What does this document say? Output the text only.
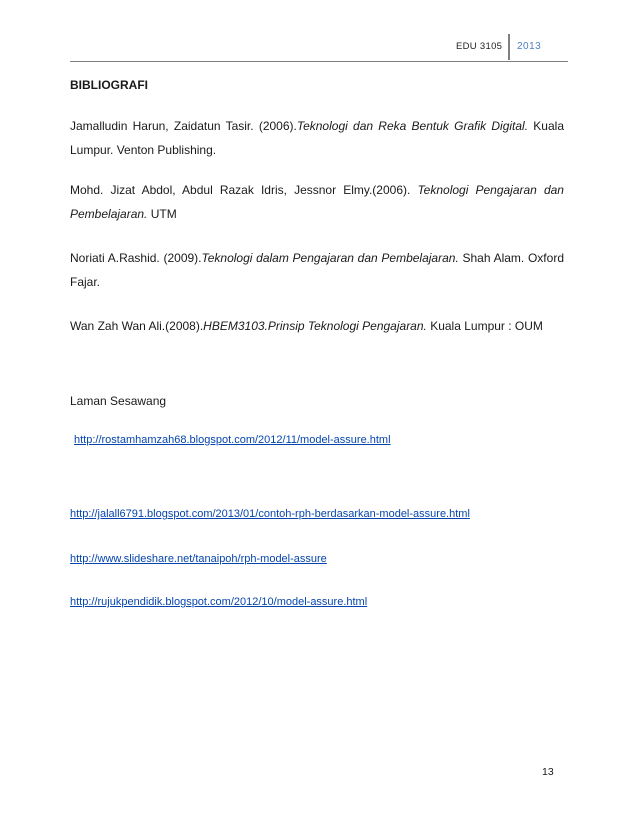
EDU 3105 2013
BIBLIOGRAFI
Jamalludin Harun, Zaidatun Tasir. (2006).Teknologi dan Reka Bentuk Grafik Digital. Kuala Lumpur. Venton Publishing.
Mohd. Jizat Abdol, Abdul Razak Idris, Jessnor Elmy.(2006). Teknologi Pengajaran dan Pembelajaran. UTM
Noriati A.Rashid. (2009).Teknologi dalam Pengajaran dan Pembelajaran. Shah Alam. Oxford Fajar.
Wan Zah Wan Ali.(2008).HBEM3103.Prinsip Teknologi Pengajaran. Kuala Lumpur : OUM
Laman Sesawang
http://rostamhamzah68.blogspot.com/2012/11/model-assure.html
http://jalall6791.blogspot.com/2013/01/contoh-rph-berdasarkan-model-assure.html
http://www.slideshare.net/tanaipoh/rph-model-assure
http://rujukpendidik.blogspot.com/2012/10/model-assure.html
13
